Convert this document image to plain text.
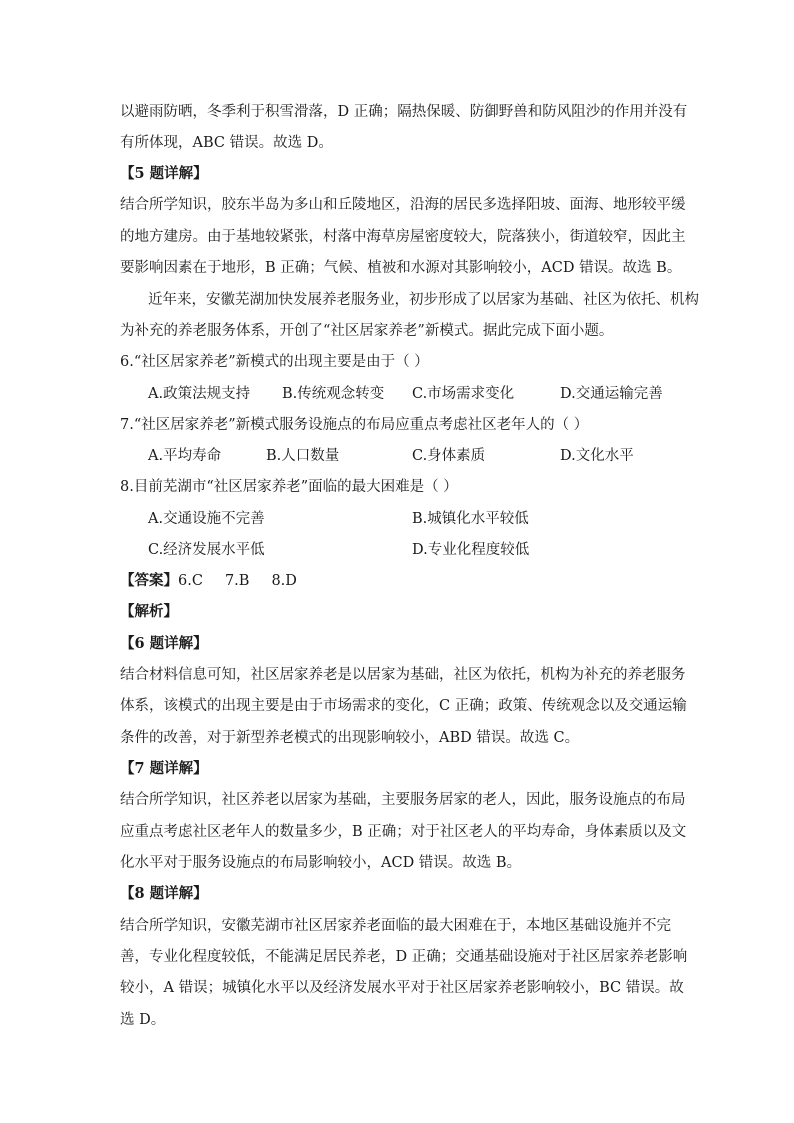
以避雨防晒，冬季利于积雪滑落，D 正确；隔热保暖、防御野兽和防风阻沙的作用并没有
有所体现，ABC 错误。故选 D。
【5 题详解】
结合所学知识，胶东半岛为多山和丘陵地区，沿海的居民多选择阳坡、面海、地形较平缓
的地方建房。由于基地较紧张，村落中海草房屋密度较大，院落狭小，街道较窄，因此主
要影响因素在于地形，B 正确；气候、植被和水源对其影响较小，ACD 错误。故选 B。
近年来，安徽芜湖加快发展养老服务业，初步形成了以居家为基础、社区为依托、机构
为补充的养老服务体系，开创了“社区居家养老”新模式。据此完成下面小题。
6.“社区居家养老”新模式的出现主要是由于（ ）
A.政策法规支持 B.传统观念转变 C.市场需求变化	D.交通运输完善
7.“社区居家养老”新模式服务设施点的布局应重点考虑社区老年人的（ ）
A.平均寿命	B.人口数量	C.身体素质	D.文化水平
8.目前芜湖市“社区居家养老”面临的最大困难是（ ）
A.交通设施不完善	B.城镇化水平较低
C.经济发展水平低	D.专业化程度较低
【答案】6.C 7.B 8.D
【解析】
【6 题详解】
结合材料信息可知，社区居家养老是以居家为基础，社区为依托，机构为补充的养老服务
体系，该模式的出现主要是由于市场需求的变化，C 正确；政策、传统观念以及交通运输
条件的改善，对于新型养老模式的出现影响较小，ABD 错误。故选 C。
【7 题详解】
结合所学知识，社区养老以居家为基础，主要服务居家的老人，因此，服务设施点的布局
应重点考虑社区老年人的数量多少，B 正确；对于社区老人的平均寿命，身体素质以及文
化水平对于服务设施点的布局影响较小，ACD 错误。故选 B。
【8 题详解】
结合所学知识，安徽芜湖市社区居家养老面临的最大困难在于，本地区基础设施并不完
善，专业化程度较低，不能满足居民养老，D 正确；交通基础设施对于社区居家养老影响
较小，A 错误；城镇化水平以及经济发展水平对于社区居家养老影响较小，BC 错误。故
选 D。
